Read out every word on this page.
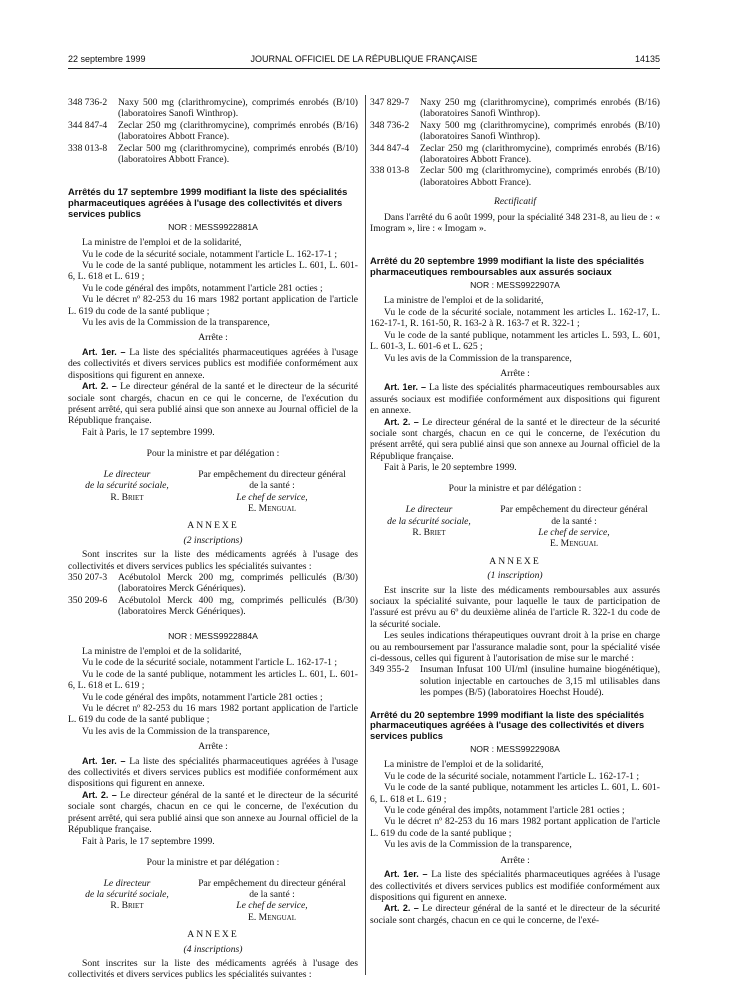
22 septembre 1999	JOURNAL OFFICIEL DE LA RÉPUBLIQUE FRANÇAISE	14135
348 736-2	Naxy 500 mg (clarithromycine), comprimés enrobés (B/10) (laboratoires Sanofi Winthrop).
344 847-4	Zeclar 250 mg (clarithromycine), comprimés enrobés (B/16) (laboratoires Abbott France).
338 013-8	Zeclar 500 mg (clarithromycine), comprimés enrobés (B/10) (laboratoires Abbott France).

Arrêtés du 17 septembre 1999 modifiant la liste des spécialités pharmaceutiques agréées à l'usage des collectivités et divers services publics

NOR : MESS9922881A

La ministre de l'emploi et de la solidarité,

Vu le code de la sécurité sociale, notamment l'article L. 162-17-1 ;

Vu le code de la santé publique, notamment les articles L. 601, L. 601-6, L. 618 et L. 619 ;

Vu le code général des impôts, notamment l'article 281 octies ;

Vu le décret nº 82-253 du 16 mars 1982 portant application de l'article L. 619 du code de la santé publique ;

Vu les avis de la Commission de la transparence,

Arrête :

Art. 1er. – La liste des spécialités pharmaceutiques agréées à l'usage des collectivités et divers services publics est modifiée conformément aux dispositions qui figurent en annexe.

Art. 2. – Le directeur général de la santé et le directeur de la sécurité sociale sont chargés, chacun en ce qui le concerne, de l'exécution du présent arrêté, qui sera publié ainsi que son annexe au Journal officiel de la République française.

Fait à Paris, le 17 septembre 1999.

Pour la ministre et par délégation :

Le directeur
de la sécurité sociale,
R. Briet
Par empêchement du directeur général
de la santé :
Le chef de service,
E. Mengual
ANNEXE
(2 inscriptions)

Sont inscrites sur la liste des médicaments agréés à l'usage des collectivités et divers services publics les spécialités suivantes :

350 207-3	Acébutolol Merck 200 mg, comprimés pelliculés (B/30) (laboratoires Merck Génériques).
350 209-6	Acébutolol Merck 400 mg, comprimés pelliculés (B/30) (laboratoires Merck Génériques).
NOR : MESS9922884A

La ministre de l'emploi et de la solidarité,

Vu le code de la sécurité sociale, notamment l'article L. 162-17-1 ;

Vu le code de la santé publique, notamment les articles L. 601, L. 601-6, L. 618 et L. 619 ;

Vu le code général des impôts, notamment l'article 281 octies ;

Vu le décret nº 82-253 du 16 mars 1982 portant application de l'article L. 619 du code de la santé publique ;

Vu les avis de la Commission de la transparence,

Arrête :

Art. 1er. – La liste des spécialités pharmaceutiques agréées à l'usage des collectivités et divers services publics est modifiée conformément aux dispositions qui figurent en annexe.

Art. 2. – Le directeur général de la santé et le directeur de la sécurité sociale sont chargés, chacun en ce qui le concerne, de l'exécution du présent arrêté, qui sera publié ainsi que son annexe au Journal officiel de la République française.

Fait à Paris, le 17 septembre 1999.

Pour la ministre et par délégation :

Le directeur
de la sécurité sociale,
R. Briet
Par empêchement du directeur général
de la santé :
Le chef de service,
E. Mengual
ANNEXE
(4 inscriptions)

Sont inscrites sur la liste des médicaments agréés à l'usage des collectivités et divers services publics les spécialités suivantes :

347 829-7	Naxy 250 mg (clarithromycine), comprimés enrobés (B/16) (laboratoires Sanofi Winthrop).
348 736-2	Naxy 500 mg (clarithromycine), comprimés enrobés (B/10) (laboratoires Sanofi Winthrop).
344 847-4	Zeclar 250 mg (clarithromycine), comprimés enrobés (B/16) (laboratoires Abbott France).
338 013-8	Zeclar 500 mg (clarithromycine), comprimés enrobés (B/10) (laboratoires Abbott France).
Rectificatif

Dans l'arrêté du 6 août 1999, pour la spécialité 348 231-8, au lieu de : « Imogram », lire : « Imogam ».

Arrêté du 20 septembre 1999 modifiant la liste des spécialités pharmaceutiques remboursables aux assurés sociaux

NOR : MESS9922907A

La ministre de l'emploi et de la solidarité,

Vu le code de la sécurité sociale, notamment les articles L. 162-17, L. 162-17-1, R. 161-50, R. 163-2 à R. 163-7 et R. 322-1 ;

Vu le code de la santé publique, notamment les articles L. 593, L. 601, L. 601-3, L. 601-6 et L. 625 ;

Vu les avis de la Commission de la transparence,

Arrête :

Art. 1er. – La liste des spécialités pharmaceutiques remboursables aux assurés sociaux est modifiée conformément aux dispositions qui figurent en annexe.

Art. 2. – Le directeur général de la santé et le directeur de la sécurité sociale sont chargés, chacun en ce qui le concerne, de l'exécution du présent arrêté, qui sera publié ainsi que son annexe au Journal officiel de la République française.

Fait à Paris, le 20 septembre 1999.

Pour la ministre et par délégation :

Le directeur
de la sécurité sociale,
R. Briet
Par empêchement du directeur général
de la santé :
Le chef de service,
E. Mengual
ANNEXE
(1 inscription)

Est inscrite sur la liste des médicaments remboursables aux assurés sociaux la spécialité suivante, pour laquelle le taux de participation de l'assuré est prévu au 6º du deuxième alinéa de l'article R. 322-1 du code de la sécurité sociale.

Les seules indications thérapeutiques ouvrant droit à la prise en charge ou au remboursement par l'assurance maladie sont, pour la spécialité visée ci-dessous, celles qui figurent à l'autorisation de mise sur le marché :

349 355-2	Insuman Infusat 100 UI/ml (insuline humaine biogénétique), solution injectable en cartouches de 3,15 ml utilisables dans les pompes (B/5) (laboratoires Hoechst Houdé).

Arrêté du 20 septembre 1999 modifiant la liste des spécialités pharmaceutiques agréées à l'usage des collectivités et divers services publics

NOR : MESS9922908A

La ministre de l'emploi et de la solidarité,

Vu le code de la sécurité sociale, notamment l'article L. 162-17-1 ;

Vu le code de la santé publique, notamment les articles L. 601, L. 601-6, L. 618 et L. 619 ;

Vu le code général des impôts, notamment l'article 281 octies ;

Vu le décret nº 82-253 du 16 mars 1982 portant application de l'article L. 619 du code de la santé publique ;

Vu les avis de la Commission de la transparence,

Arrête :

Art. 1er. – La liste des spécialités pharmaceutiques agréées à l'usage des collectivités et divers services publics est modifiée conformément aux dispositions qui figurent en annexe.

Art. 2. – Le directeur général de la santé et le directeur de la sécurité sociale sont chargés, chacun en ce qui le concerne, de l'exé-
